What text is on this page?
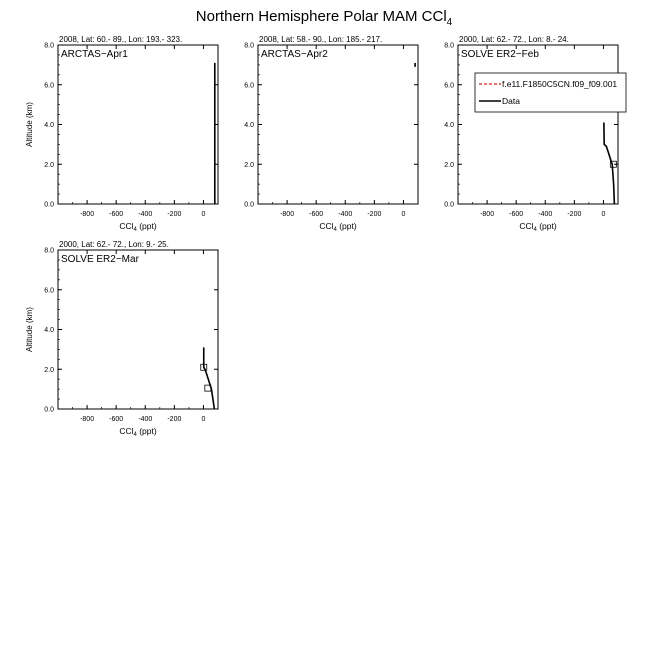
Northern Hemisphere Polar MAM CCl$_4$
2008, Lat: 60.- 89., Lon: 193.- 323.
ARCTAS−Apr1
-800 -600 -400 -200	0
0.0
2.0
4.0
6.0
8.0
CCl$_4$ (ppt)
Altitude (km)
2008, Lat: 58.- 90., Lon: 185.- 217.
ARCTAS−Apr2
-800 -600 -400 -200	0
0.0
2.0
4.0
6.0
8.0
CCl$_4$ (ppt)
2000, Lat: 62.- 72., Lon: 8.- 24.
SOLVE ER2−Feb
-800 -600 -400 -200	0
0.0
2.0
4.0
6.0
8.0
CCl$_4$ (ppt)
f.e11.F1850C5CN.f09_f09.001
Data
2000, Lat: 62.- 72., Lon: 9.- 25.
SOLVE ER2−Mar
-800 -600 -400 -200	0
0.0
2.0
4.0
6.0
8.0
CCl$_4$ (ppt)
Altitude (km)
